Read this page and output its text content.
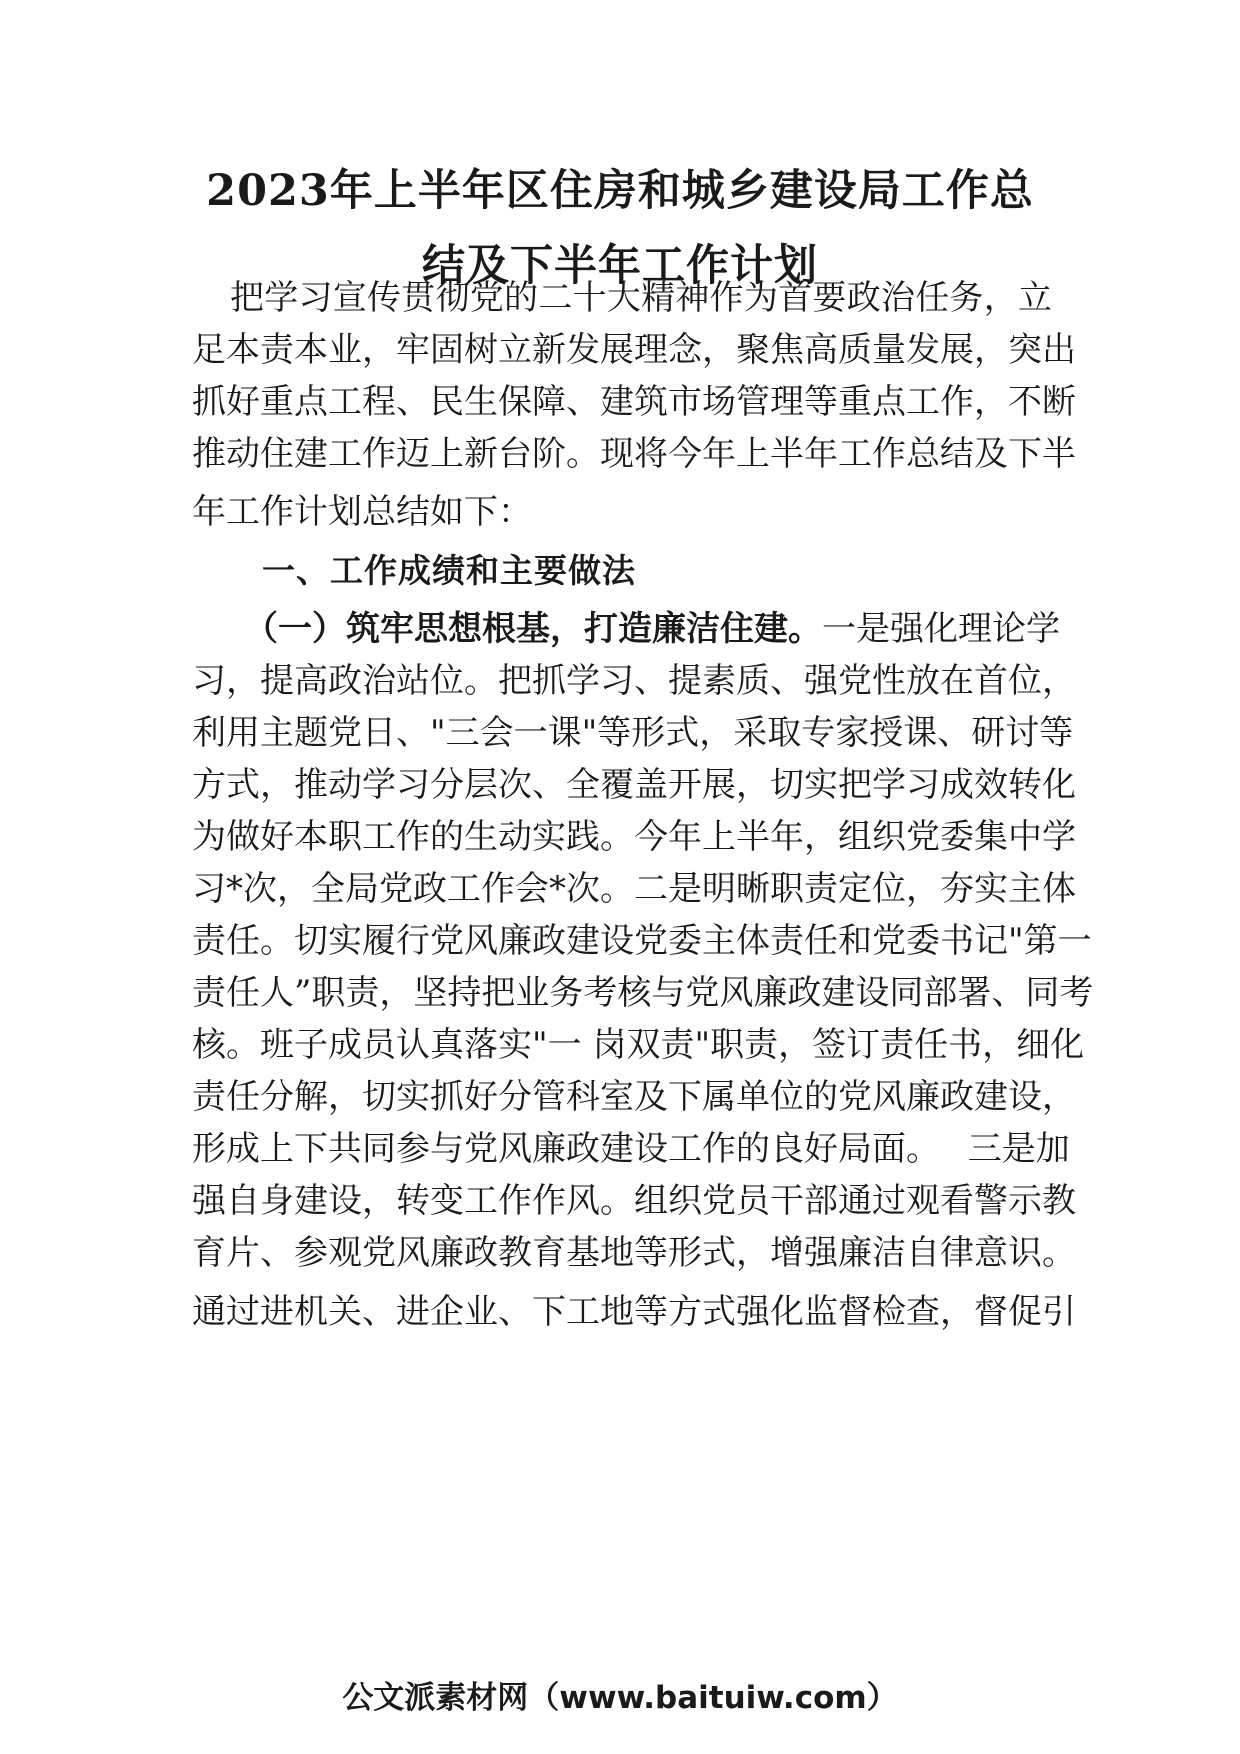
2023年上半年区住房和城乡建设局工作总
结及下半年工作计划
把学习宣传贯彻党的二十大精神作为首要政治任务，立
足本责本业，牢固树立新发展理念，聚焦高质量发展，突出
抓好重点工程、民生保障、建筑市场管理等重点工作，不断
推动住建工作迈上新台阶。现将今年上半年工作总结及下半
年工作计划总结如下：
一、工作成绩和主要做法
（一）筑牢思想根基，打造廉洁住建。一是强化理论学
习，提高政治站位。把抓学习、提素质、强党性放在首位，
利用主题党日、"三会一课"等形式，采取专家授课、研讨等
方式，推动学习分层次、全覆盖开展，切实把学习成效转化
为做好本职工作的生动实践。今年上半年，组织党委集中学
习*次，全局党政工作会*次。二是明晰职责定位，夯实主体
责任。切实履行党风廉政建设党委主体责任和党委书记"第一
责任人”职责，坚持把业务考核与党风廉政建设同部署、同考
核。班子成员认真落实"一 岗双责"职责，签订责任书，细化
责任分解，切实抓好分管科室及下属单位的党风廉政建设，
形成上下共同参与党风廉政建设工作的良好局面。　 三是加
强自身建设，转变工作作风。组织党员干部通过观看警示教
育片、参观党风廉政教育基地等形式，增强廉洁自律意识。
通过进机关、进企业、下工地等方式强化监督检查，督促引
公文派素材网（www.baituiw.com）
